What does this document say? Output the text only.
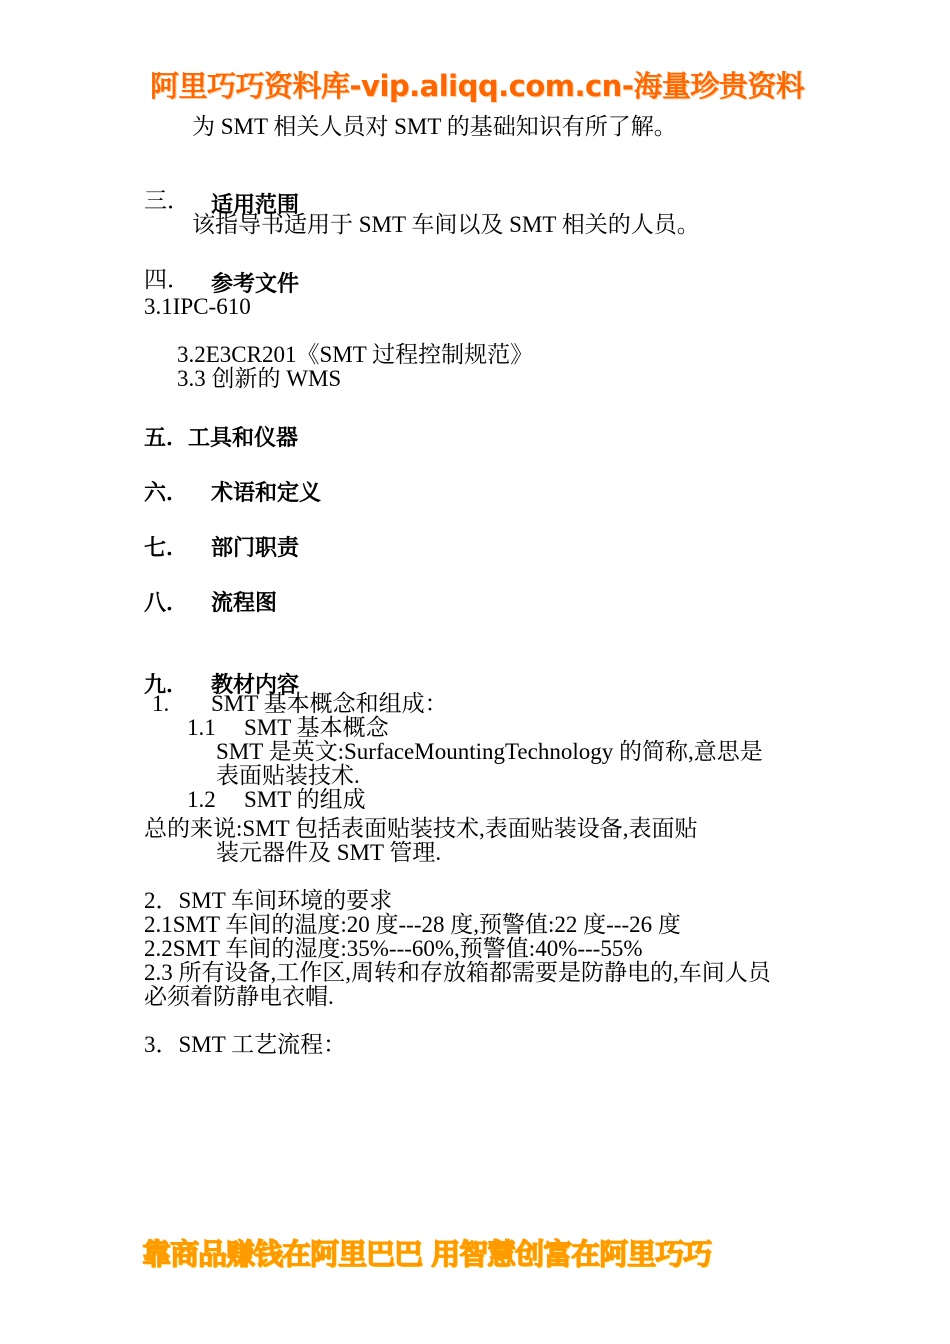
阿里巧巧资料库-vip.aliqq.com.cn-海量珍贵资料
为 SMT 相关人员对 SMT 的基础知识有所了解。
三． 适用范围
该指导书适用于 SMT 车间以及 SMT 相关的人员。
四． 参考文件
3.1IPC-610
3.2E3CR201《SMT 过程控制规范》
3.3 创新的 WMS
五．工具和仪器
六． 术语和定义
七． 部门职责
八． 流程图
九． 教材内容
1. SMT 基本概念和组成：
1.1 SMT 基本概念
SMT 是英文:SurfaceMountingTechnology 的简称,意思是
表面贴装技术.
1.2 SMT 的组成
总的来说:SMT 包括表面贴装技术,表面贴装设备,表面贴
装元器件及 SMT 管理.
2．SMT 车间环境的要求
2.1SMT 车间的温度:20 度---28 度,预警值:22 度---26 度
2.2SMT 车间的湿度:35%---60%,预警值:40%---55%
2.3 所有设备,工作区,周转和存放箱都需要是防静电的,车间人员
必须着防静电衣帽.
3．SMT 工艺流程：
靠商品赚钱在阿里巴巴 用智慧创富在阿里巧巧
